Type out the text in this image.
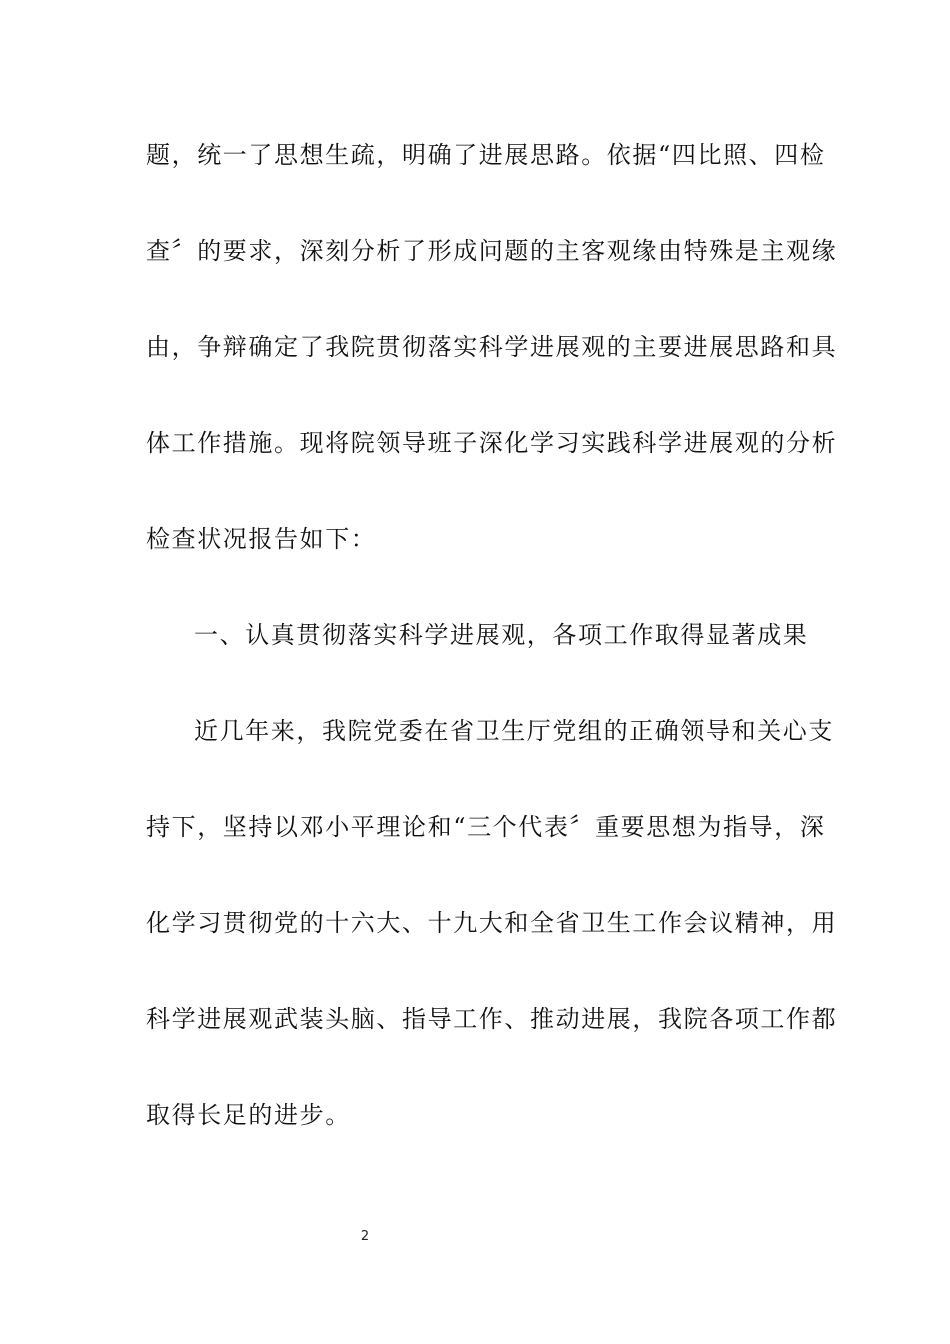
题，统一了思想生疏，明确了进展思路。依据“四比照、四检
查〞的要求，深刻分析了形成问题的主客观缘由特殊是主观缘
由，争辩确定了我院贯彻落实科学进展观的主要进展思路和具
体工作措施。现将院领导班子深化学习实践科学进展观的分析
检查状况报告如下：
一、认真贯彻落实科学进展观，各项工作取得显著成果
近几年来，我院党委在省卫生厅党组的正确领导和关心支
持下，坚持以邓小平理论和“三个代表〞重要思想为指导，深
化学习贯彻党的十六大、十九大和全省卫生工作会议精神，用
科学进展观武装头脑、指导工作、推动进展，我院各项工作都
取得长足的进步。
2
